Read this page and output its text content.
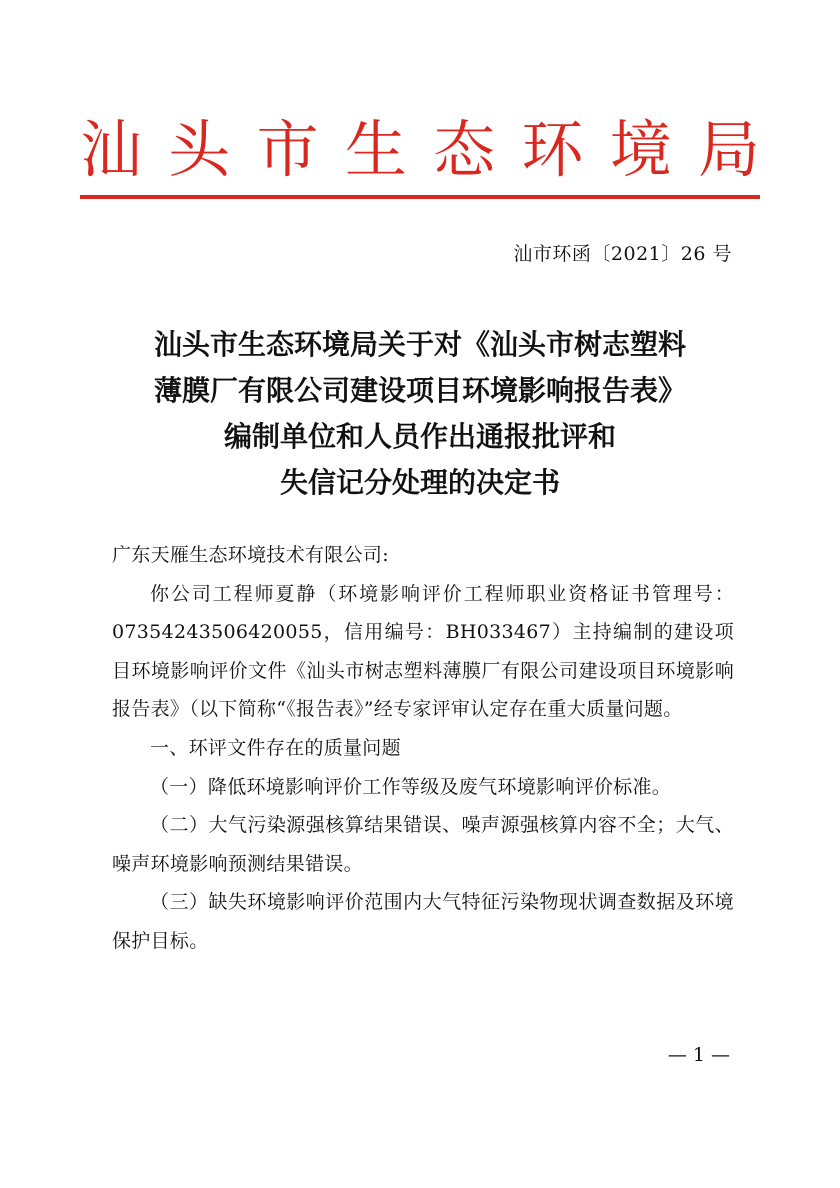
汕 头 市 生 态 环 境 局
汕市环函〔2021〕26 号
汕头市生态环境局关于对《汕头市树志塑料
薄膜厂有限公司建设项目环境影响报告表》
编制单位和人员作出通报批评和
失信记分处理的决定书

广东天雁生态环境技术有限公司:

你公司工程师夏静（环境影响评价工程师职业资格证书管理号：07354243506420055，信用编号：BH033467）主持编制的建设项目环境影响评价文件《汕头市树志塑料薄膜厂有限公司建设项目环境影响报告表》（以下简称“《报告表》”经专家评审认定存在重大质量问题。

一、环评文件存在的质量问题

（一）降低环境影响评价工作等级及废气环境影响评价标准。

（二）大气污染源强核算结果错误、噪声源强核算内容不全；大气、噪声环境影响预测结果错误。

（三）缺失环境影响评价范围内大气特征污染物现状调查数据及环境保护目标。

— 1 —
